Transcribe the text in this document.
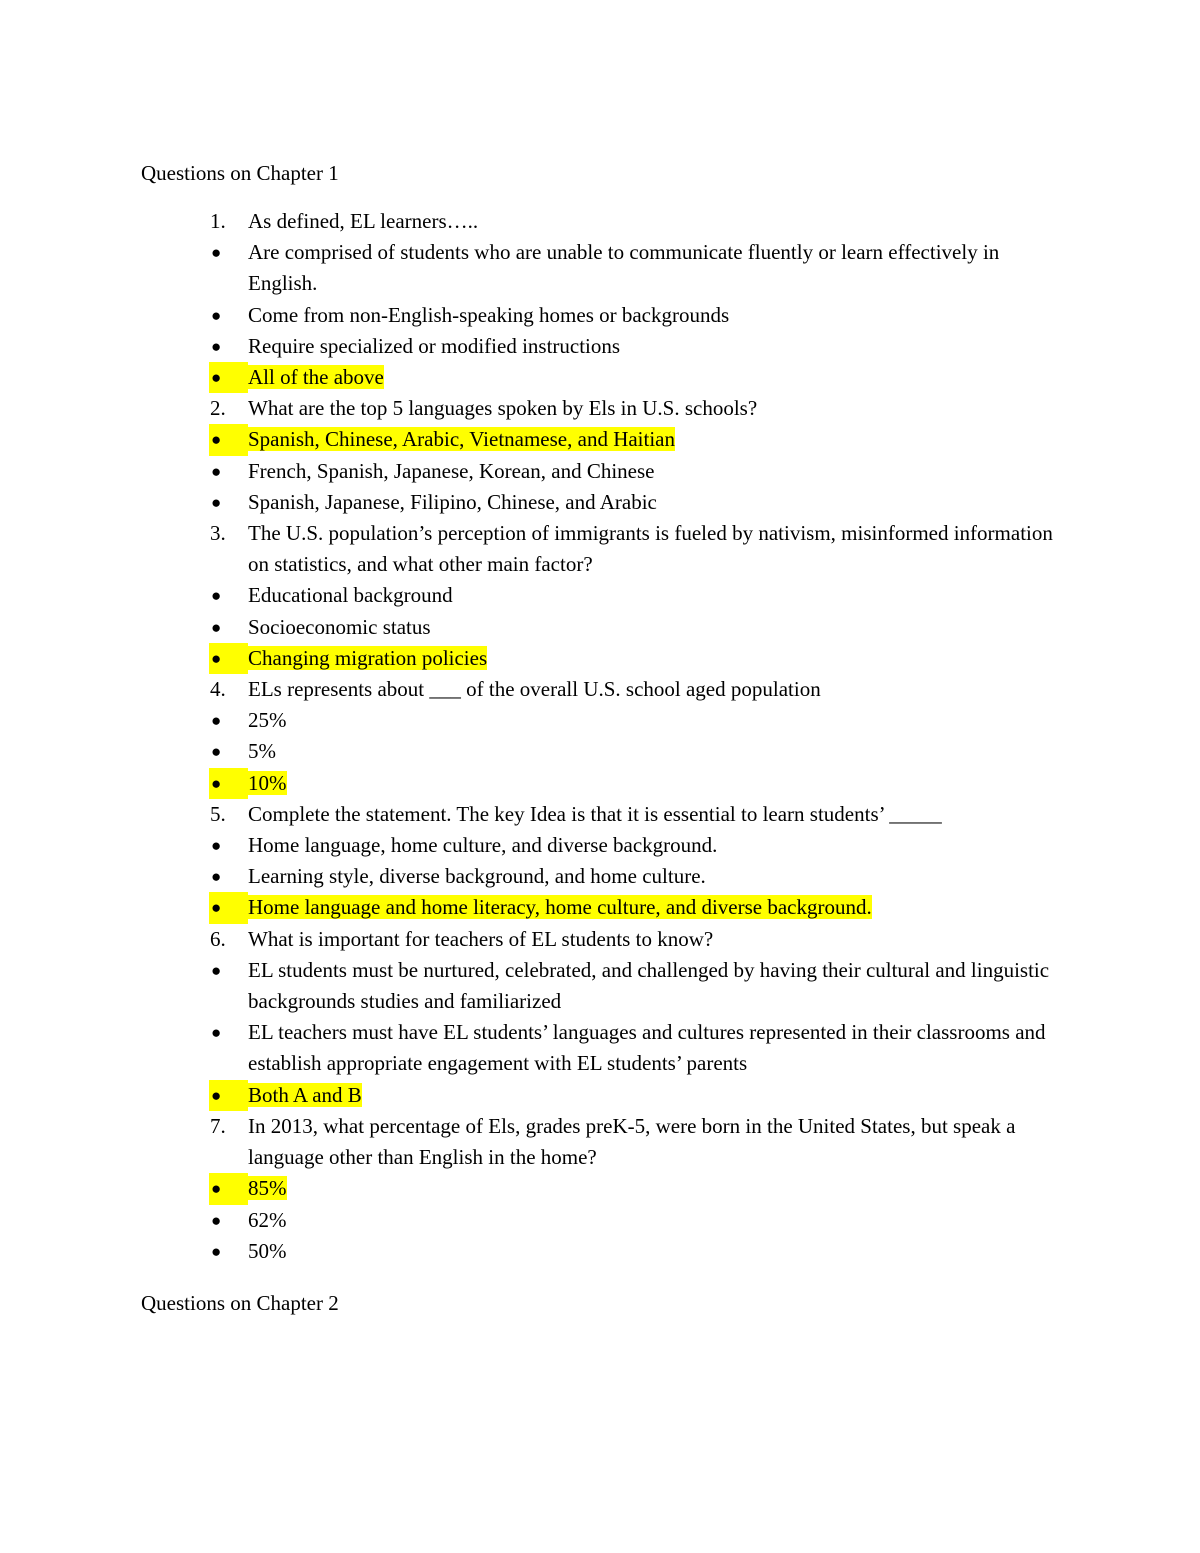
Questions on Chapter 1
1.	As defined, EL learners…..
●	Are comprised of students who are unable to communicate fluently or learn effectively in English.
●	Come from non-English-speaking homes or backgrounds
●	Require specialized or modified instructions
●	All of the above
2.	What are the top 5 languages spoken by Els in U.S. schools?
●	Spanish, Chinese, Arabic, Vietnamese, and Haitian
●	French, Spanish, Japanese, Korean, and Chinese
●	Spanish, Japanese, Filipino, Chinese, and Arabic
3.	The U.S. population’s perception of immigrants is fueled by nativism, misinformed information on statistics, and what other main factor?
●	Educational background
●	Socioeconomic status
●	Changing migration policies
4.	ELs represents about ___ of the overall U.S. school aged population
●	25%
●	5%
●	10%
5.	Complete the statement. The key Idea is that it is essential to learn students’ _____
●	Home language, home culture, and diverse background.
●	Learning style, diverse background, and home culture.
●	Home language and home literacy, home culture, and diverse background.
6.	What is important for teachers of EL students to know?
●	EL students must be nurtured, celebrated, and challenged by having their cultural and linguistic backgrounds studies and familiarized
●	EL teachers must have EL students’ languages and cultures represented in their classrooms and establish appropriate engagement with EL students’ parents
●	Both A and B
7.	In 2013, what percentage of Els, grades preK-5, were born in the United States, but speak a language other than English in the home?
●	85%
●	62%
●	50%
Questions on Chapter 2
